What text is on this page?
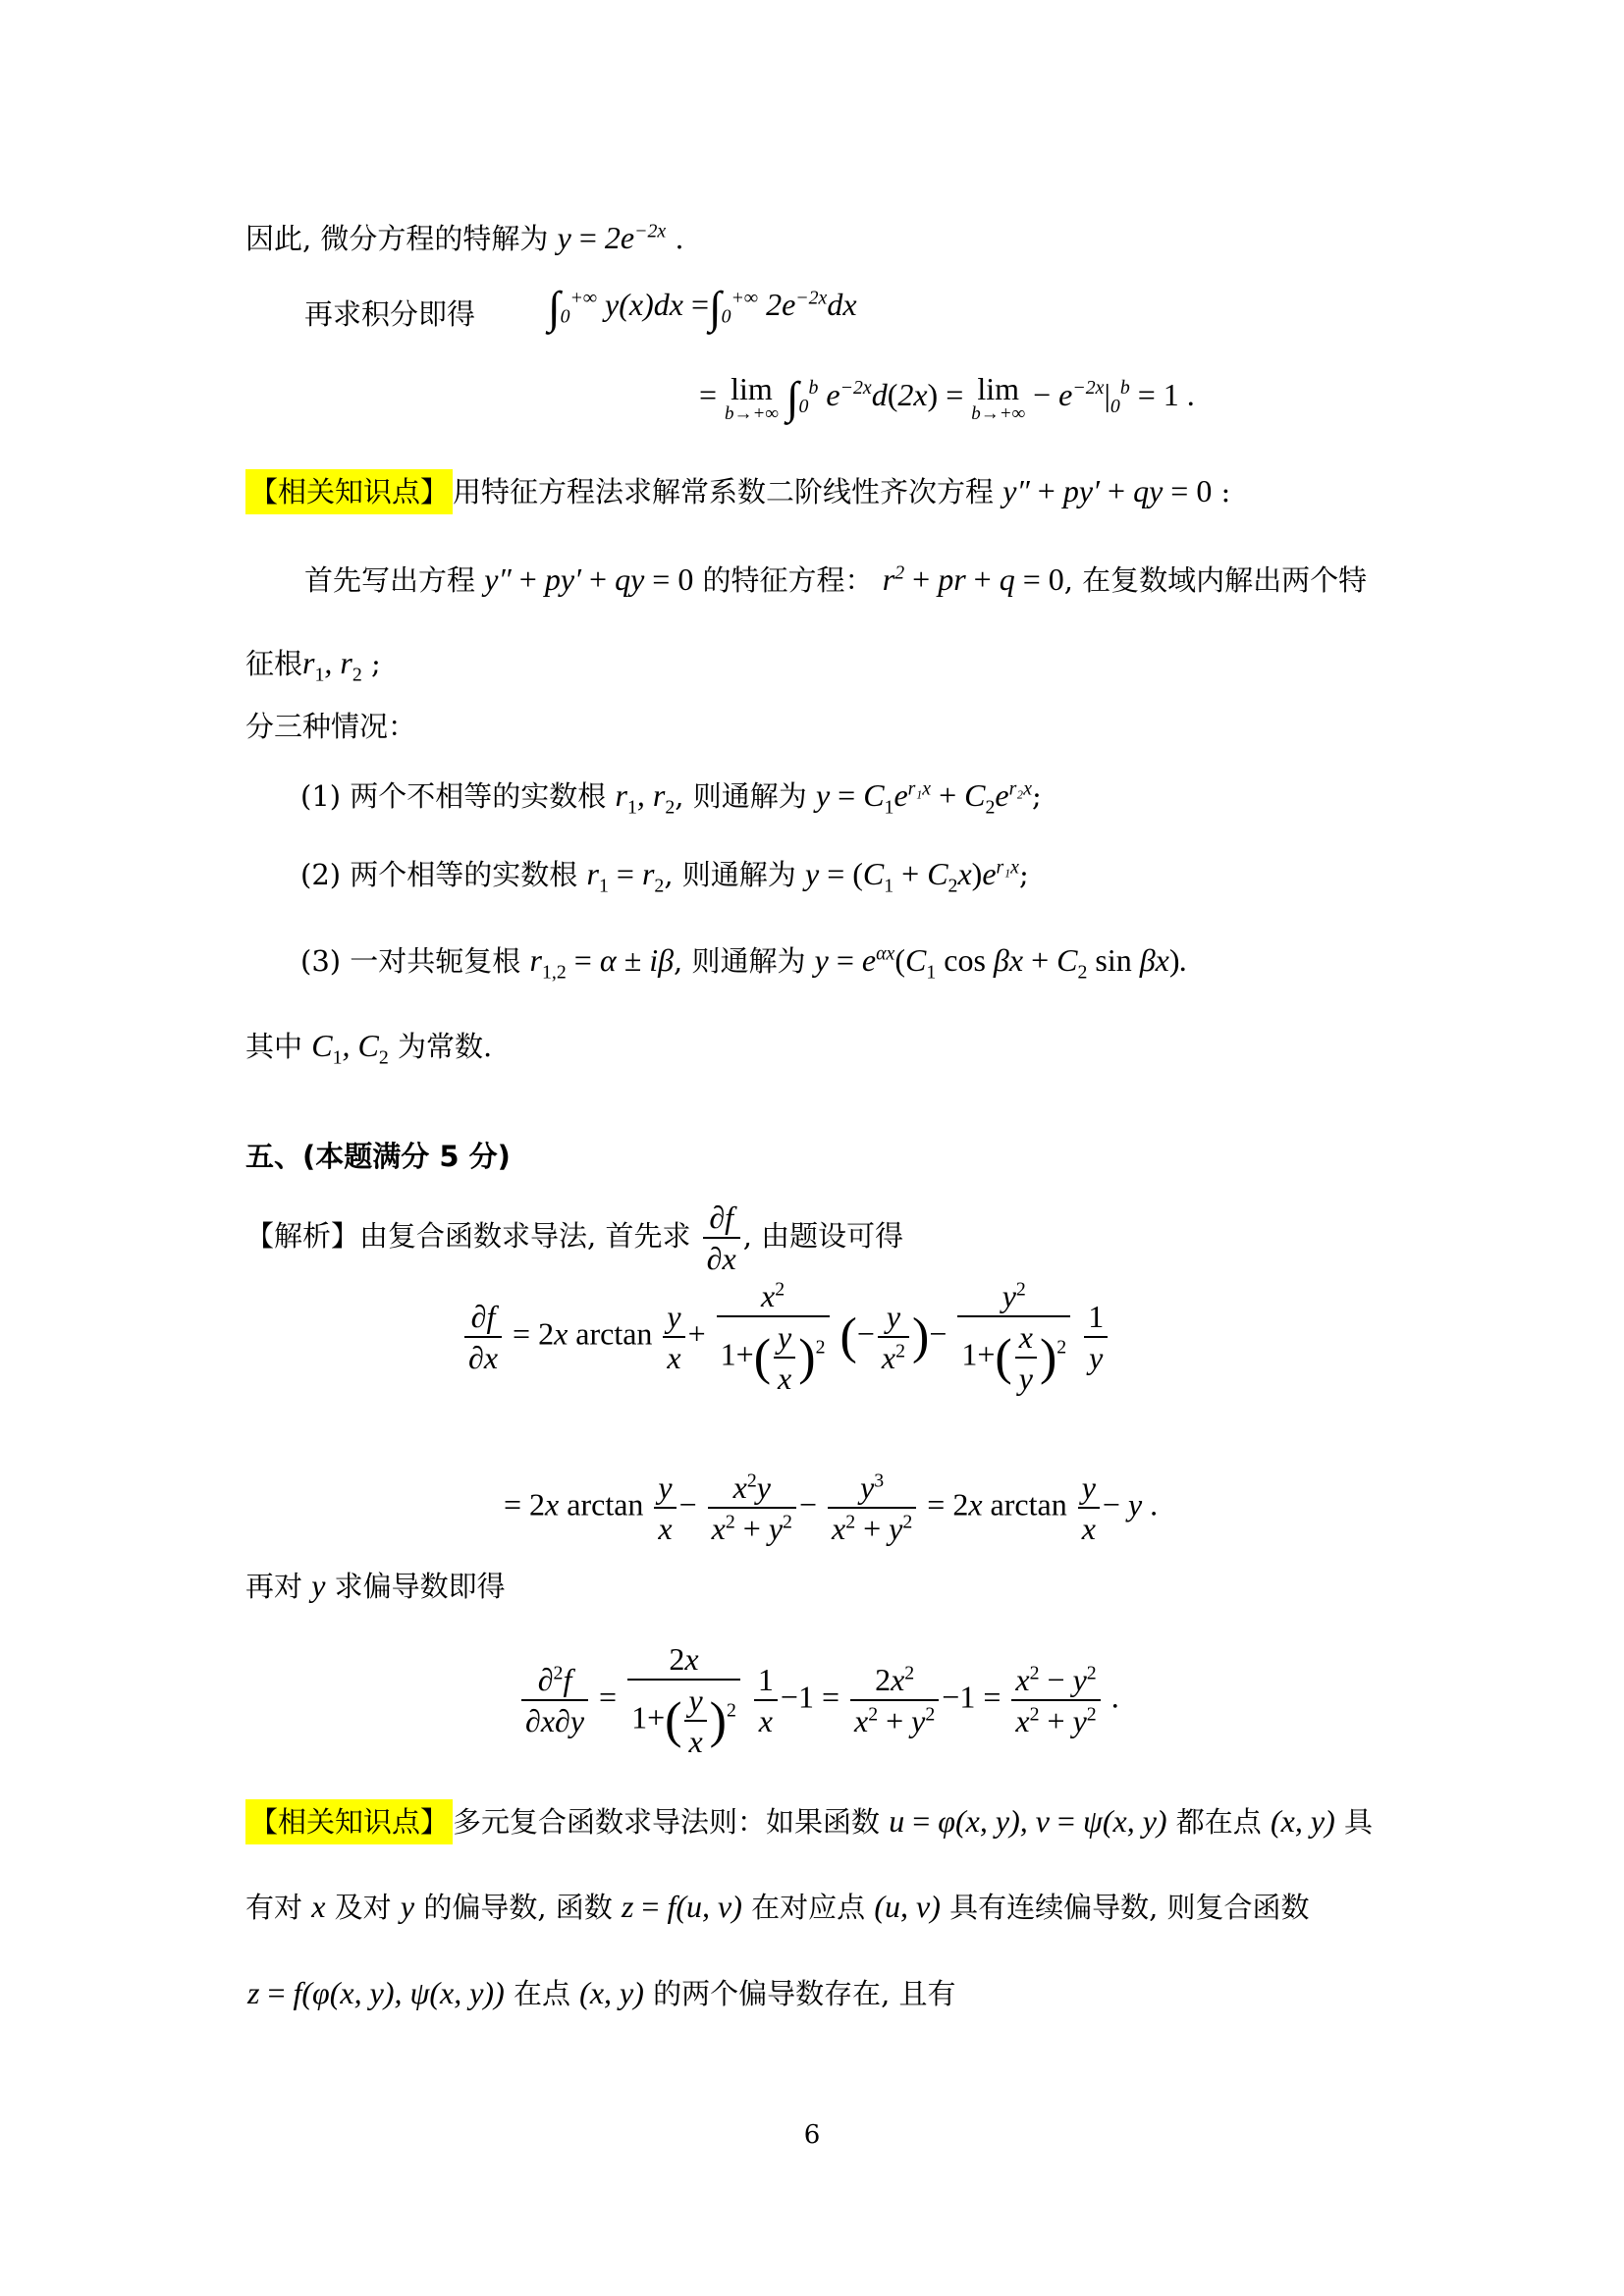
因此, 微分方程的特解为 $y = 2e^{-2x}$ .
再求积分即得 $\int_0^{+\infty}$ $y(x)dx =\int_0^{+\infty}$ $2e^{-2x}dx$
= lim
b→+∞ $\int_0^b$ $e^{-2x}d(2x) = \lim$
b→+∞
− $e^{-2x}|_0^b = 1$ .
【相关知识点】 用特征方程法求解常系数二阶线性齐次方程 y″ + py′ + qy = 0 :
首先写出方程 y″ + py′ + qy = 0 的特征方程： $r^2$ + pr + q = 0, 在复数域内解出两个特
征根$r_1$, $r_2$ ;
分三种情况：
(1) 两个不相等的实数根 $r_1$, $r_2$, 则通解为 $y = C_1e^{r_1x} + C_2e^{r_2x}$;
(2) 两个相等的实数根 $r_1 = r_2$, 则通解为 $y = (C_1 + C_2x)e^{r_1x}$;
(3) 一对共轭复根 $r_{1,2} = \alpha \pm i\beta$, 则通解为 $y = e^{\alpha x}(C_1$ $\cos \beta x + C_2$ sin βx).
其中 $C_1$, $C_2$ 为常数.
五、(本题满分 5 分)
【解析】由复合函数求导法, 首先求 $\frac{\partial f}{\partial x}$ , 由题设可得
$\frac{\partial f}{\partial x} = 2x$ $\arctan \frac{y}{x} + \frac{x^2}{1+( \frac{y}{x} )^2}$ (− $\frac{y}{x^2}$ )− $\frac{y^2}{1+( \frac{x}{y} )^2}$
$\frac{1}{y}$
= 2x $\arctan \frac{y}{x} - \frac{x^2y}{x^2 + y^2} - \frac{y^3}{x^2 + y^2} = 2x$ $\arctan \frac{y}{x} - y$ .
再对 y 求偏导数即得
$\frac{\partial^2f}{\partial x\partial y} = \frac{2x}{1+( \frac{y}{x} )^2}$
$\frac{1}{x} -1 = \frac{2x^2}{x^2 + y^2} -1 = \frac{x^2 - y^2}{x^2 + y^2}$ .
【相关知识点】 多元复合函数求导法则：如果函数 u = φ(x, y), v = ψ(x, y) 都在点 (x, y) 具
有对 x 及对 y 的偏导数, 函数 z = f(u, v) 在对应点 (u, v) 具有连续偏导数, 则复合函数
z = f(φ(x, y), ψ(x, y)) 在点 (x, y) 的两个偏导数存在, 且有
6
